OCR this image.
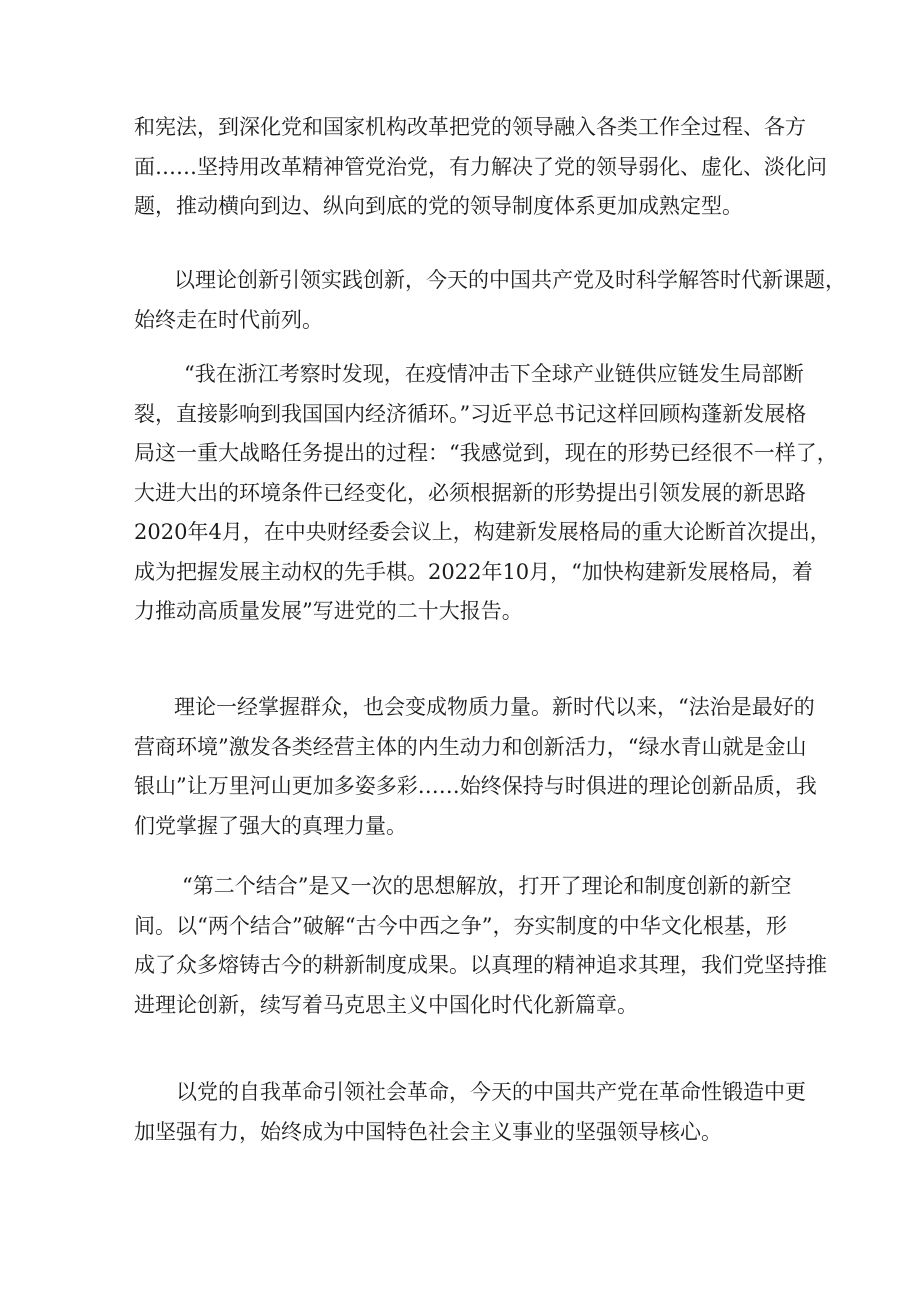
和宪法，到深化党和国家机构改革把党的领导融入各类工作全过程、各方
面……坚持用改革精神管党治党，有力解决了党的领导弱化、虚化、淡化问
题，推动横向到边、纵向到底的党的领导制度体系更加成熟定型。
以理论创新引领实践创新，今天的中国共产党及时科学解答时代新课题，
始终走在时代前列。
“我在浙江考察时发现，在疫情冲击下全球产业链供应链发生局部断
裂，直接影响到我国国内经济循环。”习近平总书记这样回顾构蓬新发展格
局这一重大战略任务提出的过程：“我感觉到，现在的形势已经很不一样了，
大进大出的环境条件已经变化，必须根据新的形势提出引领发展的新思路
2020年4月，在中央财经委会议上，构建新发展格局的重大论断首次提出，
成为把握发展主动权的先手棋。2022年10月，“加快构建新发展格局，着
力推动高质量发展”写进党的二十大报告。
理论一经掌握群众，也会变成物质力量。新时代以来，“法治是最好的
营商环境”激发各类经营主体的内生动力和创新活力，“绿水青山就是金山
银山”让万里河山更加多姿多彩……始终保持与时俱进的理论创新品质，我
们党掌握了强大的真理力量。
“第二个结合”是又一次的思想解放，打开了理论和制度创新的新空
间。以“两个结合”破解“古今中西之争”，夯实制度的中华文化根基，形
成了众多熔铸古今的耕新制度成果。以真理的精神追求其理，我们党坚持推
进理论创新，续写着马克思主义中国化时代化新篇章。
以党的自我革命引领社会革命，今天的中国共产党在革命性锻造中更
加坚强有力，始终成为中国特色社会主义事业的坚强领导核心。
